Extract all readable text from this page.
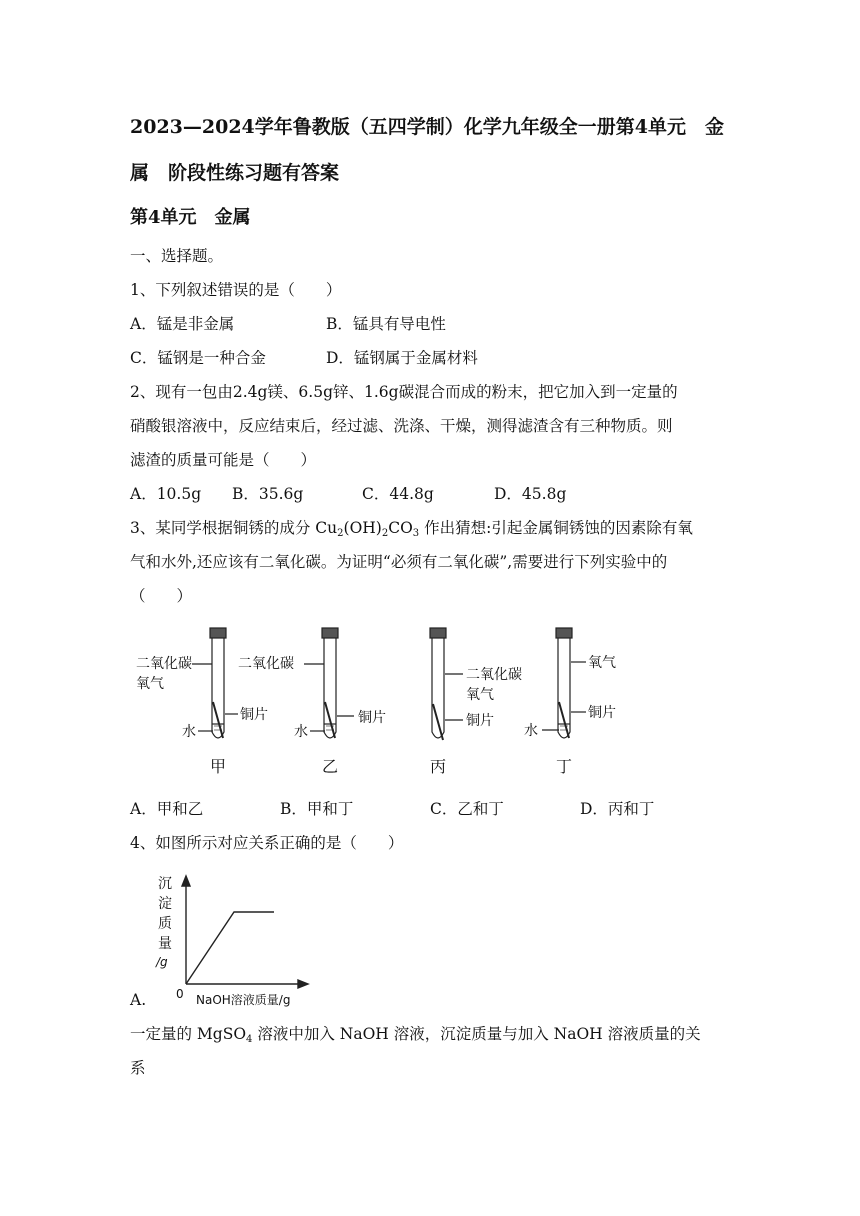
2023—2024学年鲁教版（五四学制）化学九年级全一册第4单元　金
属　阶段性练习题有答案
第4单元　金属
一、选择题。
1、下列叙述错误的是（　　）
A．锰是非金属	B．锰具有导电性
C．锰钢是一种合金	D．锰钢属于金属材料
2、现有一包由2.4g镁、6.5g锌、1.6g碳混合而成的粉末，把它加入到一定量的
硝酸银溶液中，反应结束后，经过滤、洗涤、干燥，测得滤渣含有三种物质。则
滤渣的质量可能是（　　）
A．10.5g B．35.6g	C．44.8g	D．45.8g
3、某同学根据铜锈的成分 $Cu_2(OH)_2CO_3$ 作出猜想:引起金属铜锈蚀的因素除有氧
气和水外,还应该有二氧化碳。为证明“必须有二氧化碳”,需要进行下列实验中的
（　　）
二氧化碳
氧气
水
铜片
甲
二氧化碳
水
铜片
乙
二氧化碳
氧气
铜片
丙
氧气
水
铜片
丁
A．甲和乙	B．甲和丁	C．乙和丁	D．丙和丁
4、如图所示对应关系正确的是（　　）
沉
淀
质
量
/g
0 NaOH溶液质量/g
A.
一定量的 MgSO$_4$ 溶液中加入 NaOH 溶液，沉淀质量与加入 NaOH 溶液质量的关
系
